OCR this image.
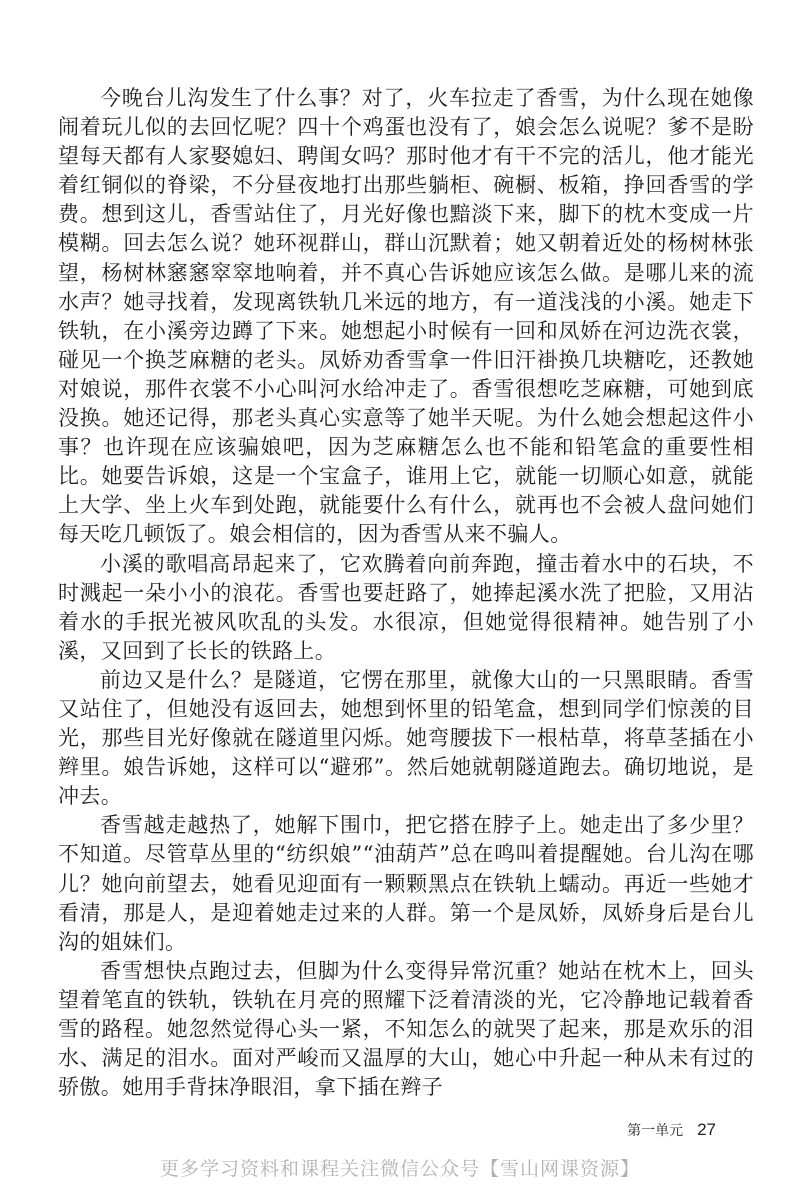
今晚台儿沟发生了什么事？对了，火车拉走了香雪，为什么现在她像闹着玩儿似的去回忆呢？四十个鸡蛋也没有了，娘会怎么说呢？爹不是盼望每天都有人家娶媳妇、聘闺女吗？那时他才有干不完的活儿，他才能光着红铜似的脊梁，不分昼夜地打出那些躺柜、碗橱、板箱，挣回香雪的学费。想到这儿，香雪站住了，月光好像也黯淡下来，脚下的枕木变成一片模糊。回去怎么说？她环视群山，群山沉默着；她又朝着近处的杨树林张望，杨树林窸窸窣窣地响着，并不真心告诉她应该怎么做。是哪儿来的流水声？她寻找着，发现离铁轨几米远的地方，有一道浅浅的小溪。她走下铁轨，在小溪旁边蹲了下来。她想起小时候有一回和凤娇在河边洗衣裳，碰见一个换芝麻糖的老头。凤娇劝香雪拿一件旧汗褂换几块糖吃，还教她对娘说，那件衣裳不小心叫河水给冲走了。香雪很想吃芝麻糖，可她到底没换。她还记得，那老头真心实意等了她半天呢。为什么她会想起这件小事？也许现在应该骗娘吧，因为芝麻糖怎么也不能和铅笔盒的重要性相比。她要告诉娘，这是一个宝盒子，谁用上它，就能一切顺心如意，就能上大学、坐上火车到处跑，就能要什么有什么，就再也不会被人盘问她们每天吃几顿饭了。娘会相信的，因为香雪从来不骗人。

小溪的歌唱高昂起来了，它欢腾着向前奔跑，撞击着水中的石块，不时溅起一朵小小的浪花。香雪也要赶路了，她捧起溪水洗了把脸，又用沾着水的手抿光被风吹乱的头发。水很凉，但她觉得很精神。她告别了小溪，又回到了长长的铁路上。

前边又是什么？是隧道，它愣在那里，就像大山的一只黑眼睛。香雪又站住了，但她没有返回去，她想到怀里的铅笔盒，想到同学们惊羡的目光，那些目光好像就在隧道里闪烁。她弯腰拔下一根枯草，将草茎插在小辫里。娘告诉她，这样可以“避邪”。然后她就朝隧道跑去。确切地说，是冲去。

香雪越走越热了，她解下围巾，把它搭在脖子上。她走出了多少里？不知道。尽管草丛里的“纺织娘”“油葫芦”总在鸣叫着提醒她。台儿沟在哪儿？她向前望去，她看见迎面有一颗颗黑点在铁轨上蠕动。再近一些她才看清，那是人，是迎着她走过来的人群。第一个是凤娇，凤娇身后是台儿沟的姐妹们。

香雪想快点跑过去，但脚为什么变得异常沉重？她站在枕木上，回头望着笔直的铁轨，铁轨在月亮的照耀下泛着清淡的光，它冷静地记载着香雪的路程。她忽然觉得心头一紧，不知怎么的就哭了起来，那是欢乐的泪水、满足的泪水。面对严峻而又温厚的大山，她心中升起一种从未有过的骄傲。她用手背抹净眼泪，拿下插在辫子

第一单元 27
更多学习资料和课程关注微信公众号【雪山网课资源】
